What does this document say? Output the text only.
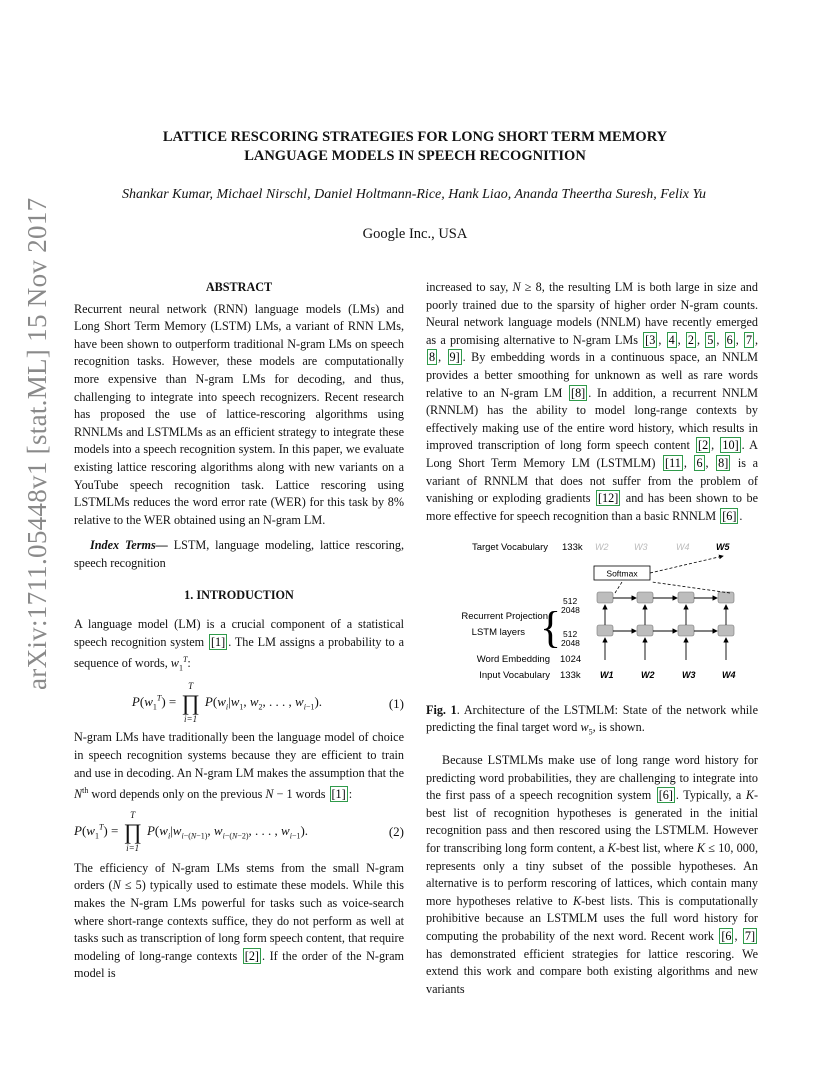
arXiv:1711.05448v1 [stat.ML] 15 Nov 2017
LATTICE RESCORING STRATEGIES FOR LONG SHORT TERM MEMORY
LANGUAGE MODELS IN SPEECH RECOGNITION
Shankar Kumar, Michael Nirschl, Daniel Holtmann-Rice, Hank Liao, Ananda Theertha Suresh, Felix Yu
Google Inc., USA

ABSTRACT

Recurrent neural network (RNN) language models (LMs) and Long Short Term Memory (LSTM) LMs, a variant of RNN LMs, have been shown to outperform traditional N-gram LMs on speech recognition tasks. However, these models are computationally more expensive than N-gram LMs for decoding, and thus, challenging to integrate into speech recognizers. Recent research has proposed the use of lattice-rescoring algorithms using RNNLMs and LSTMLMs as an efficient strategy to integrate these models into a speech recognition system. In this paper, we evaluate existing lattice rescoring algorithms along with new variants on a YouTube speech recognition task. Lattice rescoring using LSTMLMs reduces the word error rate (WER) for this task by 8% relative to the WER obtained using an N-gram LM.

Index Terms— LSTM, language modeling, lattice rescoring, speech recognition

1. INTRODUCTION

A language model (LM) is a crucial component of a statistical speech recognition system [1] . The LM assigns a probability to a sequence of words, $w_1^T$:

$P(w_1^T)$ =
T
∏
i=1
$P(w_i|w_1$, $w_2$, . . . , $w_{i-1}$).	(1)

N-gram LMs have traditionally been the language model of choice in speech recognition systems because they are efficient to train and use in decoding. An N-gram LM makes the assumption that the $N^{th}$ word depends only on the previous N − 1 words [1] :

$P(w_1^T)$ =
T
∏
i=1
$P(w_i|w_{i-(N-1)}$, $w_{i-(N-2)}$, . . . , $w_{i-1}$).	(2)

The efficiency of N-gram LMs stems from the small N-gram orders (N ≤ 5) typically used to estimate these models. While this makes the N-gram LMs powerful for tasks such as voice-search where short-range contexts suffice, they do not perform as well at tasks such as transcription of long form speech content, that require modeling of long-range contexts [2] . If the order of the N-gram model is

increased to say, N ≥ 8, the resulting LM is both large in size and poorly trained due to the sparsity of higher order N-gram counts. Neural network language models (NNLM) have recently emerged as a promising alternative to N-gram LMs [3 , 4 , 2 , 5 , 6 , 7 , 8 , 9] . By embedding words in a continuous space, an NNLM provides a better smoothing for unknown as well as rare words relative to an N-gram LM [8] . In addition, a recurrent NNLM (RNNLM) has the ability to model long-range contexts by effectively making use of the entire word history, which results in improved transcription of long form speech content [2 , 10] . A Long Short Term Memory LM (LSTMLM) [11 , 6 , 8] is a variant of RNNLM that does not suffer from the problem of vanishing or exploding gradients [12] and has been shown to be more effective for speech recognition than a basic RNNLM [6] .

Target Vocabulary 133k
Recurrent Projection
LSTM layers
Word Embedding 1024
Input Vocabulary 133k
512
2048
512
2048
{
Softmax
W2	W3	W4	W5
W1	W2	W3	W4
Fig. 1. Architecture of the LSTMLM: State of the network while predicting the final target word $w_5$, is shown.

Because LSTMLMs make use of long range word history for predicting word probabilities, they are challenging to integrate into the first pass of a speech recognition system [6] . Typically, a K-best list of recognition hypotheses is generated in the initial recognition pass and then rescored using the LSTMLM. However for transcribing long form content, a K-best list, where K ≤ 10, 000, represents only a tiny subset of the possible hypotheses. An alternative is to perform rescoring of lattices, which contain many more hypotheses relative to K-best lists. This is computationally prohibitive because an LSTMLM uses the full word history for computing the probability of the next word. Recent work [6 , 7] has demonstrated efficient strategies for lattice rescoring. We extend this work and compare both existing algorithms and new variants
